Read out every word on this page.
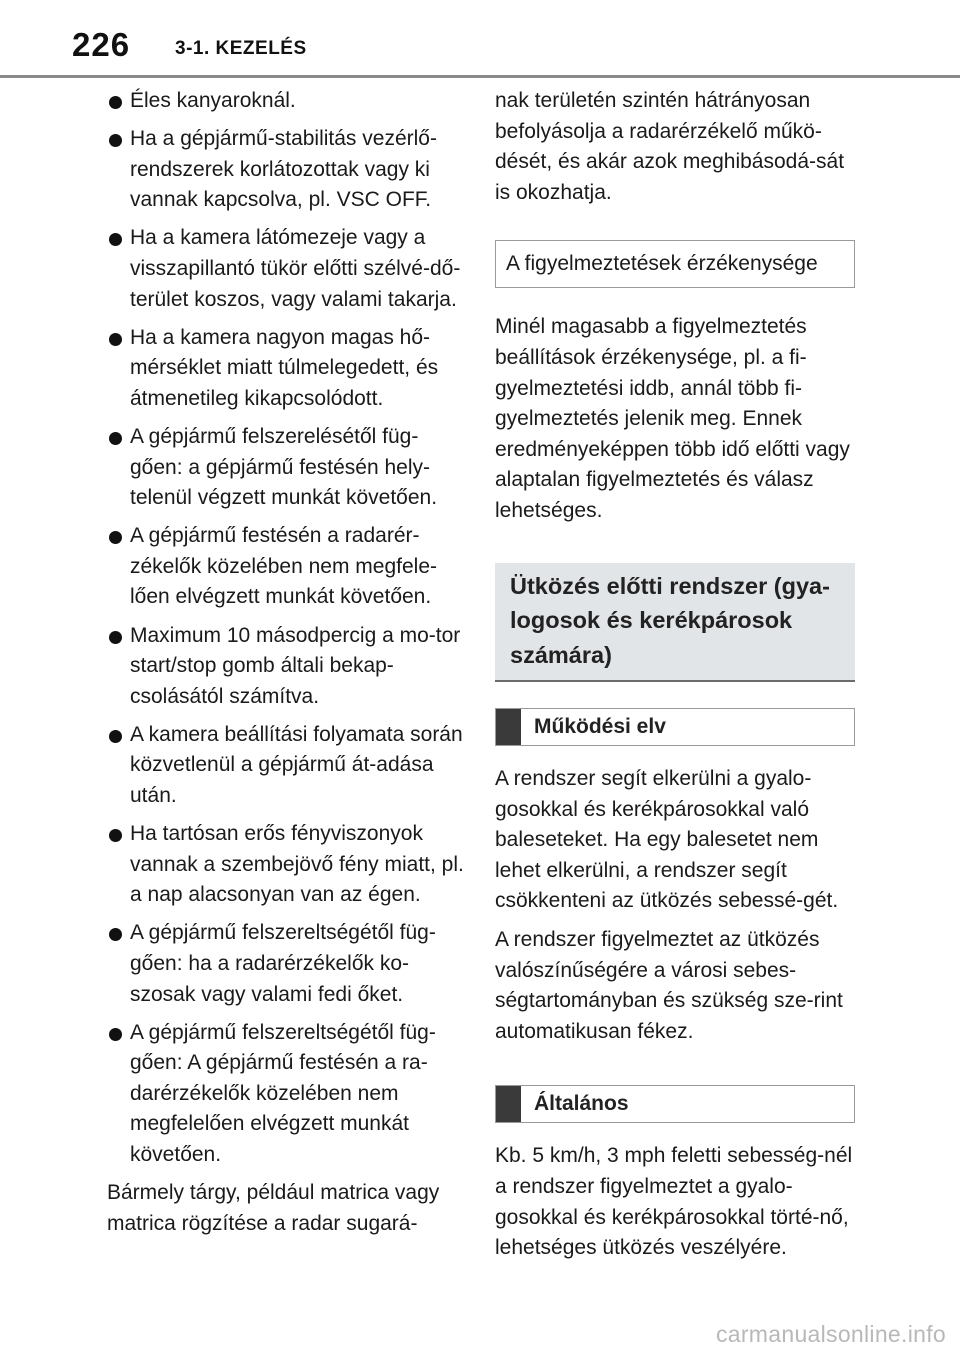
226 3-1. KEZELÉS
Éles kanyaroknál.
Ha a gépjármű-stabilitás vezérlő-rendszerek korlátozottak vagy ki vannak kapcsolva, pl. VSC OFF.
Ha a kamera látómezeje vagy a visszapillantó tükör előtti szélvé-dő-terület koszos, vagy valami takarja.
Ha a kamera nagyon magas hő-mérséklet miatt túlmelegedett, és átmenetileg kikapcsolódott.
A gépjármű felszerelésétől füg-gően: a gépjármű festésén hely-telenül végzett munkát követően.
A gépjármű festésén a radarér-zékelők közelében nem megfele-lően elvégzett munkát követően.
Maximum 10 másodpercig a mo-tor start/stop gomb általi bekap-csolásától számítva.
A kamera beállítási folyamata során közvetlenül a gépjármű át-adása után.
Ha tartósan erős fényviszonyok vannak a szembejövő fény miatt, pl. a nap alacsonyan van az égen.
A gépjármű felszereltségétől füg-gően: ha a radarérzékelők ko-szosak vagy valami fedi őket.
A gépjármű felszereltségétől füg-gően: A gépjármű festésén a ra-darérzékelők közelében nem megfelelően elvégzett munkát követően.

Bármely tárgy, például matrica vagy matrica rögzítése a radar sugará-

nak területén szintén hátrányosan befolyásolja a radarérzékelő műkö-dését, és akár azok meghibásodá-sát is okozhatja.

A figyelmeztetések érzékenysége

Minél magasabb a figyelmeztetés beállítások érzékenysége, pl. a fi-gyelmeztetési iddb, annál több fi-gyelmeztetés jelenik meg. Ennek eredményeképpen több idő előtti vagy alaptalan figyelmeztetés és válasz lehetséges.

Ütközés előtti rendszer (gya-logosok és kerékpárosok számára)
Működési elv

A rendszer segít elkerülni a gyalo-gosokkal és kerékpárosokkal való baleseteket. Ha egy balesetet nem lehet elkerülni, a rendszer segít csökkenteni az ütközés sebessé-gét.

A rendszer figyelmeztet az ütközés valószínűségére a városi sebes-ségtartományban és szükség sze-rint automatikusan fékez.

Általános

Kb. 5 km/h, 3 mph feletti sebesség-nél a rendszer figyelmeztet a gyalo-gosokkal és kerékpárosokkal törté-nő, lehetséges ütközés veszélyére.

carmanualsonline.info
